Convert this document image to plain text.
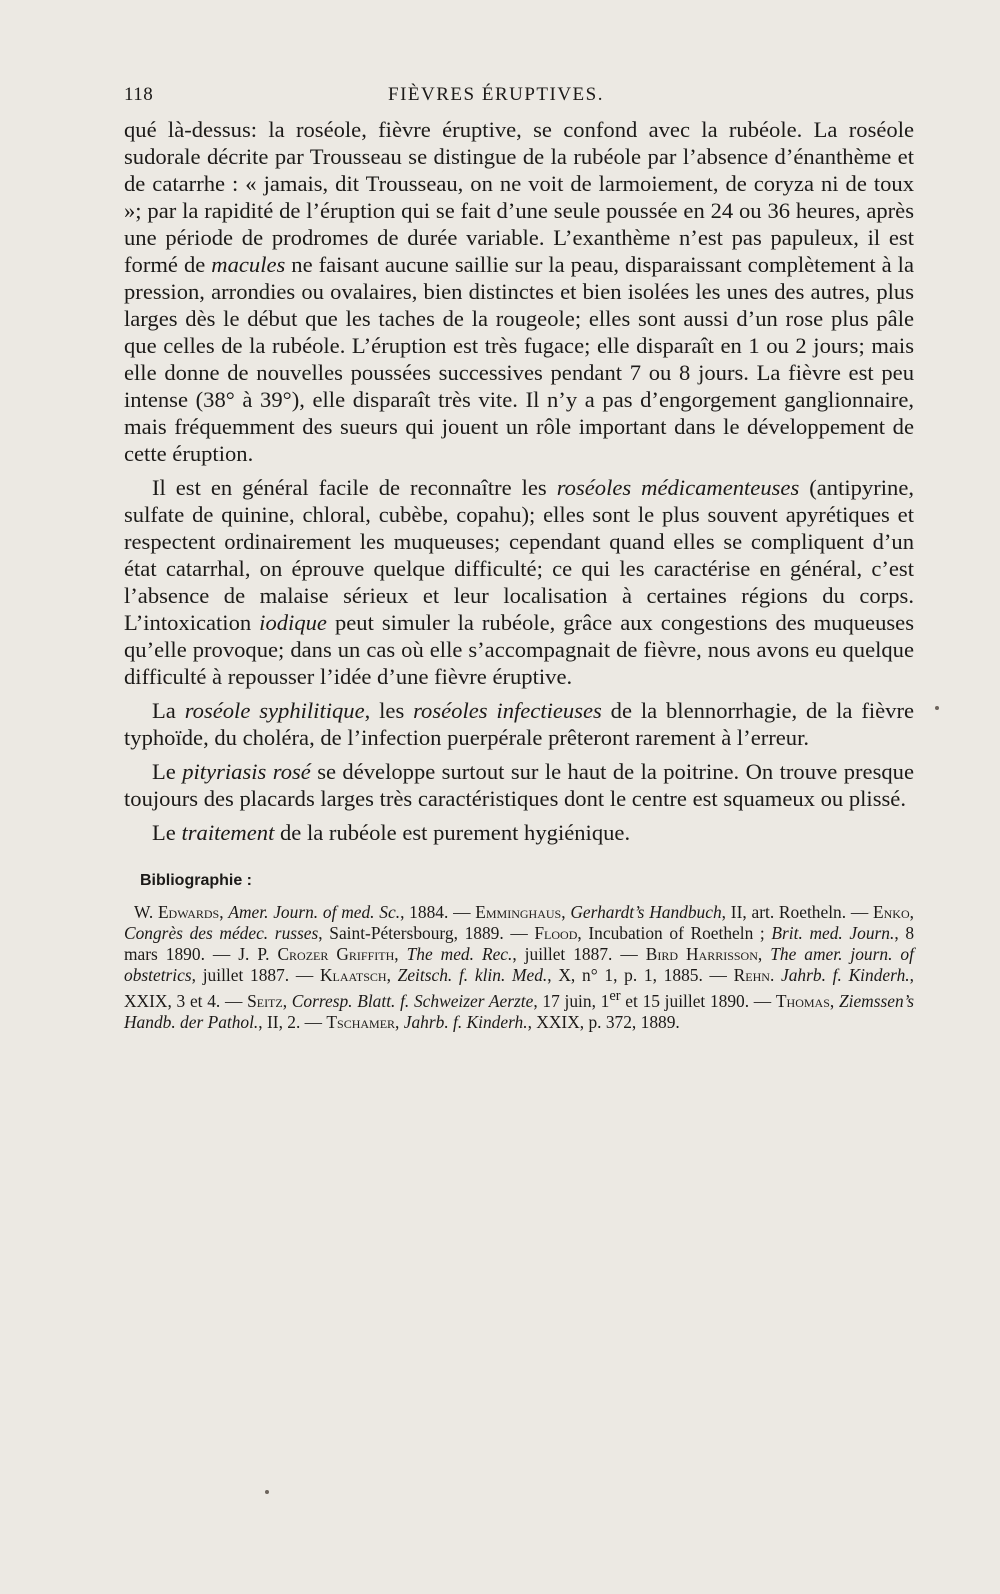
118	FIÈVRES ÉRUPTIVES.

qué là-dessus: la roséole, fièvre éruptive, se confond avec la rubéole. La roséole sudorale décrite par Trousseau se distingue de la rubéole par l’absence d’énanthème et de catarrhe : « jamais, dit Trousseau, on ne voit de larmoiement, de coryza ni de toux »; par la rapidité de l’éruption qui se fait d’une seule poussée en 24 ou 36 heures, après une période de prodromes de durée variable. L’exanthème n’est pas papuleux, il est formé de macules ne faisant aucune saillie sur la peau, disparaissant complètement à la pression, arrondies ou ovalaires, bien distinctes et bien isolées les unes des autres, plus larges dès le début que les taches de la rougeole; elles sont aussi d’un rose plus pâle que celles de la rubéole. L’éruption est très fugace; elle disparaît en 1 ou 2 jours; mais elle donne de nouvelles poussées successives pendant 7 ou 8 jours. La fièvre est peu intense (38° à 39°), elle disparaît très vite. Il n’y a pas d’engorgement ganglionnaire, mais fréquemment des sueurs qui jouent un rôle important dans le développement de cette éruption.

Il est en général facile de reconnaître les roséoles médicamenteuses (antipyrine, sulfate de quinine, chloral, cubèbe, copahu); elles sont le plus souvent apyrétiques et respectent ordinairement les muqueuses; cependant quand elles se compliquent d’un état catarrhal, on éprouve quelque difficulté; ce qui les caractérise en général, c’est l’absence de malaise sérieux et leur localisation à certaines régions du corps. L’intoxication iodique peut simuler la rubéole, grâce aux congestions des muqueuses qu’elle provoque; dans un cas où elle s’accompagnait de fièvre, nous avons eu quelque difficulté à repousser l’idée d’une fièvre éruptive.

La roséole syphilitique, les roséoles infectieuses de la blennorrhagie, de la fièvre typhoïde, du choléra, de l’infection puerpérale prêteront rarement à l’erreur.

Le pityriasis rosé se développe surtout sur le haut de la poitrine. On trouve presque toujours des placards larges très caractéristiques dont le centre est squameux ou plissé.

Le traitement de la rubéole est purement hygiénique.

Bibliographie :
W. Edwards, Amer. Journ. of med. Sc., 1884. — Emminghaus, Gerhardt’s Handbuch, II, art. Roetheln. — Enko, Congrès des médec. russes, Saint-Pétersbourg, 1889. — Flood, Incubation of Roetheln ; Brit. med. Journ., 8 mars 1890. — J. P. Crozer Griffith, The med. Rec., juillet 1887. — Bird Harrisson, The amer. journ. of obstetrics, juillet 1887. — Klaatsch, Zeitsch. f. klin. Med., X, n° 1, p. 1, 1885. — Rehn. Jahrb. f. Kinderh., XXIX, 3 et 4. — Seitz, Corresp. Blatt. f. Schweizer Aerzte, 17 juin, 1er et 15 juillet 1890. — Thomas, Ziemssen’s Handb. der Pathol., II, 2. — Tschamer, Jahrb. f. Kinderh., XXIX, p. 372, 1889.
